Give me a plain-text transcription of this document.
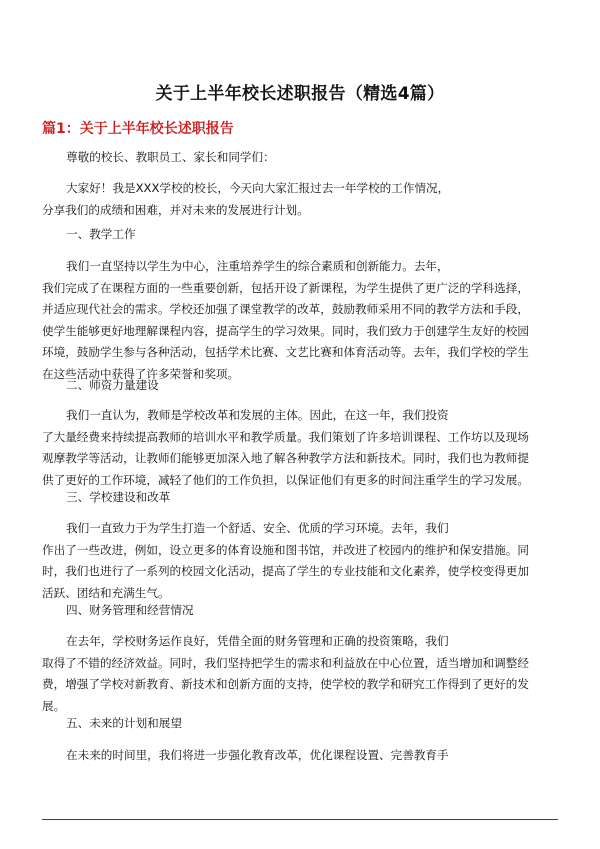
关于上半年校长述职报告（精选4篇）
篇1：关于上半年校长述职报告

尊敬的校长、教职员工、家长和同学们：

大家好！我是XXX学校的校长，今天向大家汇报过去一年学校的工作情况，
分享我们的成绩和困难，并对未来的发展进行计划。

一、教学工作

我们一直坚持以学生为中心，注重培养学生的综合素质和创新能力。去年，
我们完成了在课程方面的一些重要创新，包括开设了新课程，为学生提供了更广泛的学科选择，
并适应现代社会的需求。学校还加强了课堂教学的改革，鼓励教师采用不同的教学方法和手段，
使学生能够更好地理解课程内容，提高学生的学习效果。同时，我们致力于创建学生友好的校园
环境，鼓励学生参与各种活动，包括学术比赛、文艺比赛和体育活动等。去年，我们学校的学生
在这些活动中获得了许多荣誉和奖项。

二、师资力量建设

我们一直认为，教师是学校改革和发展的主体。因此，在这一年，我们投资
了大量经费来持续提高教师的培训水平和教学质量。我们策划了许多培训课程、工作坊以及现场
观摩教学等活动，让教师们能够更加深入地了解各种教学方法和新技术。同时，我们也为教师提
供了更好的工作环境，减轻了他们的工作负担，以保证他们有更多的时间注重学生的学习发展。

三、学校建设和改革

我们一直致力于为学生打造一个舒适、安全、优质的学习环境。去年，我们
作出了一些改进，例如，设立更多的体育设施和图书馆，并改进了校园内的维护和保安措施。同
时，我们也进行了一系列的校园文化活动，提高了学生的专业技能和文化素养，使学校变得更加
活跃、团结和充满生气。

四、财务管理和经营情况

在去年，学校财务运作良好，凭借全面的财务管理和正确的投资策略，我们
取得了不错的经济效益。同时，我们坚持把学生的需求和利益放在中心位置，适当增加和调整经
费，增强了学校对新教育、新技术和创新方面的支持，使学校的教学和研究工作得到了更好的发
展。

五、未来的计划和展望

在未来的时间里，我们将进一步强化教育改革，优化课程设置、完善教育手
